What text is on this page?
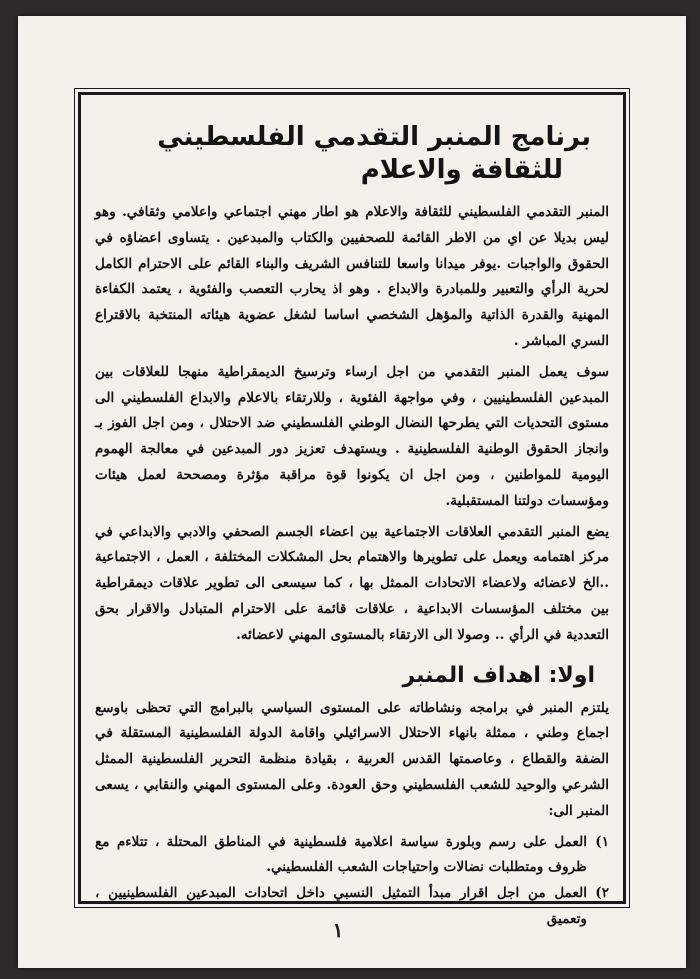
برنامج المنبر التقدمي الفلسطيني
للثقافة والاعلام

المنبر التقدمي الفلسطيني للثقافة والاعلام هو اطار مهني اجتماعي واعلامي وثقافي. وهو ليس بديلا عن اي من الاطر القائمة للصحفيين والكتاب والمبدعين . يتساوى اعضاؤه في الحقوق والواجبات .يوفر ميدانا واسعا للتنافس الشريف والبناء القائم على الاحترام الكامل لحرية الرأي والتعبير وللمبادرة والابداع . وهو اذ يحارب التعصب والفئوية ، يعتمد الكفاءة المهنية والقدرة الذاتية والمؤهل الشخصي اساسا لشغل عضوية هيئاته المنتخبة بالاقتراع السري المباشر .

سوف يعمل المنبر التقدمي من اجل ارساء وترسيخ الديمقراطية منهجا للعلاقات بين المبدعين الفلسطينيين ، وفي مواجهة الفئوية ، وللارتقاء بالاعلام والابداع الفلسطيني الى مستوى التحديات التي يطرحها النضال الوطني الفلسطيني ضد الاحتلال ، ومن اجل الفوز بـ وانجاز الحقوق الوطنية الفلسطينية . ويستهدف تعزيز دور المبدعين في معالجة الهموم اليومية للمواطنين ، ومن اجل ان يكونوا قوة مراقبة مؤثرة ومصححة لعمل هيئات ومؤسسات دولتنا المستقبلية.

يضع المنبر التقدمي العلاقات الاجتماعية بين اعضاء الجسم الصحفي والادبي والابداعي في مركز اهتمامه ويعمل على تطويرها والاهتمام بحل المشكلات المختلفة ، العمل ، الاجتماعية ..الخ لاعضائه ولاعضاء الاتحادات الممثل بها ، كما سيسعى الى تطوير علاقات ديمقراطية بين مختلف المؤسسات الابداعية ، علاقات قائمة على الاحترام المتبادل والاقرار بحق التعددية في الرأي .. وصولا الى الارتقاء بالمستوى المهني لاعضائه.

اولا: اهداف المنبر

يلتزم المنبر في برامجه ونشاطاته على المستوى السياسي بالبرامج التي تحظى باوسع اجماع وطني ، ممثلة بانهاء الاحتلال الاسرائيلي واقامة الدولة الفلسطينية المستقلة في الضفة والقطاع ، وعاصمتها القدس العربية ، بقيادة منظمة التحرير الفلسطينية الممثل الشرعي والوحيد للشعب الفلسطيني وحق العودة. وعلى المستوى المهني والنقابي ، يسعى المنبر الى:

١)
العمل على رسم وبلورة سياسة اعلامية فلسطينية في المناطق المحتلة ، تتلاءم مع ظروف ومتطلبات نضالات واحتياجات الشعب الفلسطيني.
٢)
العمل من اجل اقرار مبدأ التمثيل النسبي داخل اتحادات المبدعين الفلسطينيين ، وتعميق
١
